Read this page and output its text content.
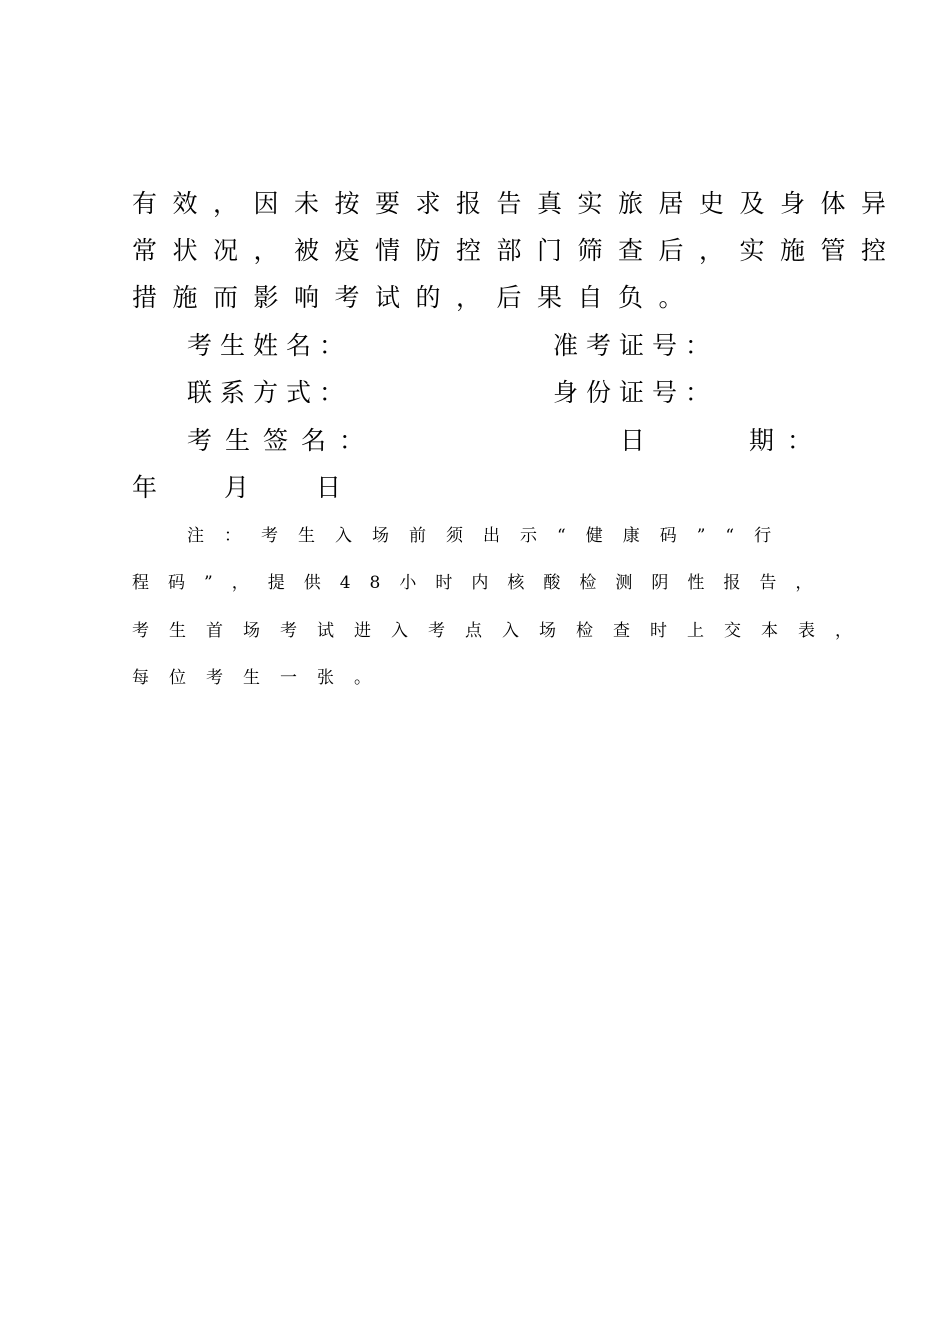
有效，因未按要求报告真实旅居史及身体异
常状况，被疫情防控部门筛查后，实施管控
措施而影响考试的，后果自负。
考生姓名：	准考证号：
联系方式：	身份证号：
考生签名：	日	期：
年	月	日
注：考生入场前须出示“健康码”“行
程码”，提供48小时内核酸检测阴性报告，
考生首场考试进入考点入场检查时上交本表，
每位考生一张。
